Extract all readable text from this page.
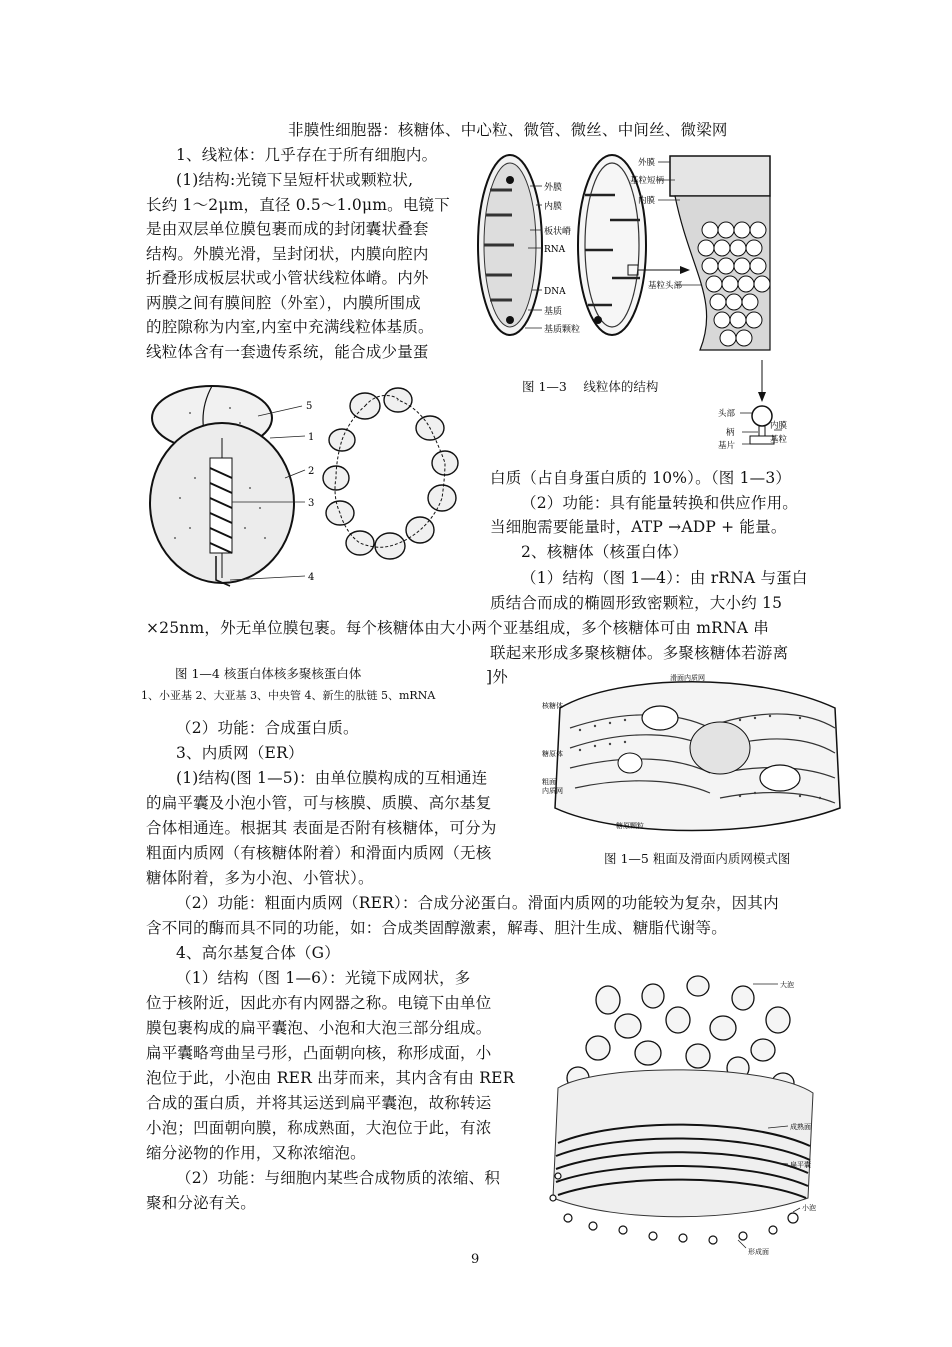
非膜性细胞器：核糖体、中心粒、微管、微丝、中间丝、微梁网
1、线粒体：几乎存在于所有细胞内。
(1)结构:光镜下呈短杆状或颗粒状,
长约 1～2μm，直径 0.5～1.0μm。电镜下
是由双层单位膜包裹而成的封闭囊状叠套
结构。外膜光滑，呈封闭状，内膜向腔内
折叠形成板层状或小管状线粒体嵴。内外
两膜之间有膜间腔（外室），内膜所围成
的腔隙称为内室,内室中充满线粒体基质。
线粒体含有一套遗传系统，能合成少量蛋
白质（占自身蛋白质的 10%）。（图 1—3）
（2）功能：具有能量转换和供应作用。
当细胞需要能量时，ATP →ADP + 能量。
2、核糖体（核蛋白体）
（1）结构（图 1—4）：由 rRNA 与蛋白
质结合而成的椭圆形致密颗粒，大小约 15
×25nm，外无单位膜包裹。每个核糖体由大小两个亚基组成，多个核糖体可由 mRNA 串
联起来形成多聚核糖体。多聚核糖体若游离
]外
（2）功能：合成蛋白质。
3、内质网（ER）
(1)结构(图 1—5)：由单位膜构成的互相通连
的扁平囊及小泡小管，可与核膜、质膜、高尔基复
合体相通连。根据其 表面是否附有核糖体，可分为
粗面内质网（有核糖体附着）和滑面内质网（无核
糖体附着，多为小泡、小管状）。
（2）功能：粗面内质网（RER）：合成分泌蛋白。滑面内质网的功能较为复杂，因其内
含不同的酶而具不同的功能，如：合成类固醇激素，解毒、胆汁生成、糖脂代谢等。
4、高尔基复合体（G）
（1）结构（图 1—6）：光镜下成网状，多
位于核附近，因此亦有内网器之称。电镜下由单位
膜包裹构成的扁平囊泡、小泡和大泡三部分组成。
扁平囊略弯曲呈弓形，凸面朝向核，称形成面，小
泡位于此，小泡由 RER 出芽而来，其内含有由 RER
合成的蛋白质，并将其运送到扁平囊泡，故称转运
小泡；凹面朝向膜，称成熟面，大泡位于此，有浓
缩分泌物的作用，又称浓缩泡。
（2）功能：与细胞内某些合成物质的浓缩、积
聚和分泌有关。
图 1—3　 线粒体的结构
图 1—4 核蛋白体核多聚核蛋白体
1、小亚基 2、大亚基 3、中央管 4、新生的肽链 5、mRNA
图 1—5 粗面及滑面内质网模式图
9
外膜
内膜
板状嵴
RNA
DNA
基质
基质颗粒
外膜
基粒短柄
内膜
基粒头部
头部
柄
基片
内膜
基粒
5
1
2
3
4
滑面内质网
核糖体
糖原体
粗面
内质网
糖原颗粒
大泡
成熟面
扁平囊
小泡
形成面
